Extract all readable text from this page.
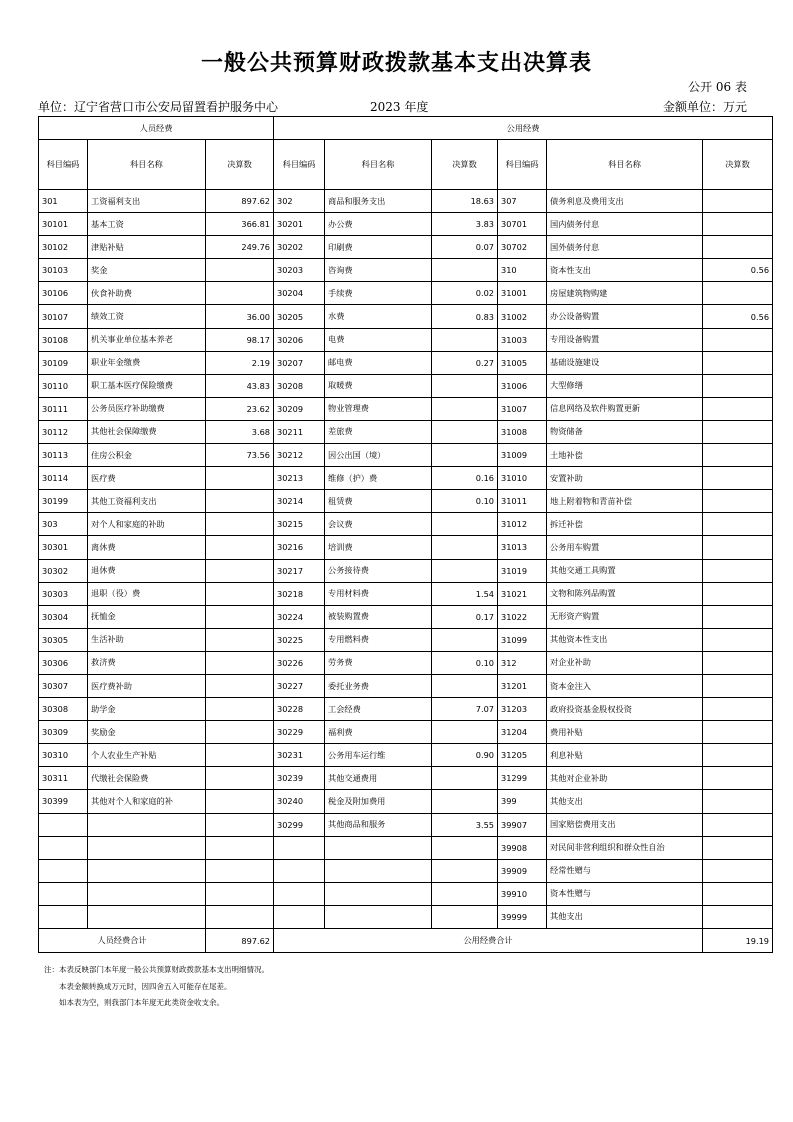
一般公共预算财政拨款基本支出决算表
公开 06 表
单位：辽宁省营口市公安局留置看护服务中心	2023 年度	金额单位：万元
人员经费			公用经费					
科目编码	科目名称	决算数	科目编码	科目名称	决算数	科目编码	科目名称	决算数
301	工资福利支出	897.62	302	商品和服务支出	18.63	307	债务利息及费用支出	
30101	基本工资	366.81	30201	办公费	3.83	30701	国内债务付息	
30102	津贴补贴	249.76	30202	印刷费	0.07	30702	国外债务付息	
30103	奖金		30203	咨询费		310	资本性支出	0.56
30106	伙食补助费		30204	手续费	0.02	31001	房屋建筑物购建	
30107	绩效工资	36.00	30205	水费	0.83	31002	办公设备购置	0.56
30108	机关事业单位基本养老	98.17	30206	电费		31003	专用设备购置	
30109	职业年金缴费	2.19	30207	邮电费	0.27	31005	基础设施建设	
30110	职工基本医疗保险缴费	43.83	30208	取暖费		31006	大型修缮	
30111	公务员医疗补助缴费	23.62	30209	物业管理费		31007	信息网络及软件购置更新	
30112	其他社会保障缴费	3.68	30211	差旅费		31008	物资储备	
30113	住房公积金	73.56	30212	因公出国（境）		31009	土地补偿	
30114	医疗费		30213	维修（护）费	0.16	31010	安置补助	
30199	其他工资福利支出		30214	租赁费	0.10	31011	地上附着物和青苗补偿	
303	对个人和家庭的补助		30215	会议费		31012	拆迁补偿	
30301	离休费		30216	培训费		31013	公务用车购置	
30302	退休费		30217	公务接待费		31019	其他交通工具购置	
30303	退职（役）费		30218	专用材料费	1.54	31021	文物和陈列品购置	
30304	抚恤金		30224	被装购置费	0.17	31022	无形资产购置	
30305	生活补助		30225	专用燃料费		31099	其他资本性支出	
30306	救济费		30226	劳务费	0.10	312	对企业补助	
30307	医疗费补助		30227	委托业务费		31201	资本金注入	
30308	助学金		30228	工会经费	7.07	31203	政府投资基金股权投资	
30309	奖励金		30229	福利费		31204	费用补贴	
30310	个人农业生产补贴		30231	公务用车运行维	0.90	31205	利息补贴	
30311	代缴社会保险费		30239	其他交通费用		31299	其他对企业补助	
30399	其他对个人和家庭的补		30240	税金及附加费用		399	其他支出	
			30299	其他商品和服务	3.55	39907	国家赔偿费用支出	
						39908	对民间非营利组织和群众性自治	
						39909	经常性赠与	
						39910	资本性赠与	
						39999	其他支出	
人员经费合计		897.62	公用经费合计					19.19
注：本表反映部门本年度一般公共预算财政拨款基本支出明细情况。
本表金额转换成万元时，因四舍五入可能存在尾差。
如本表为空，则我部门本年度无此类资金收支余。
